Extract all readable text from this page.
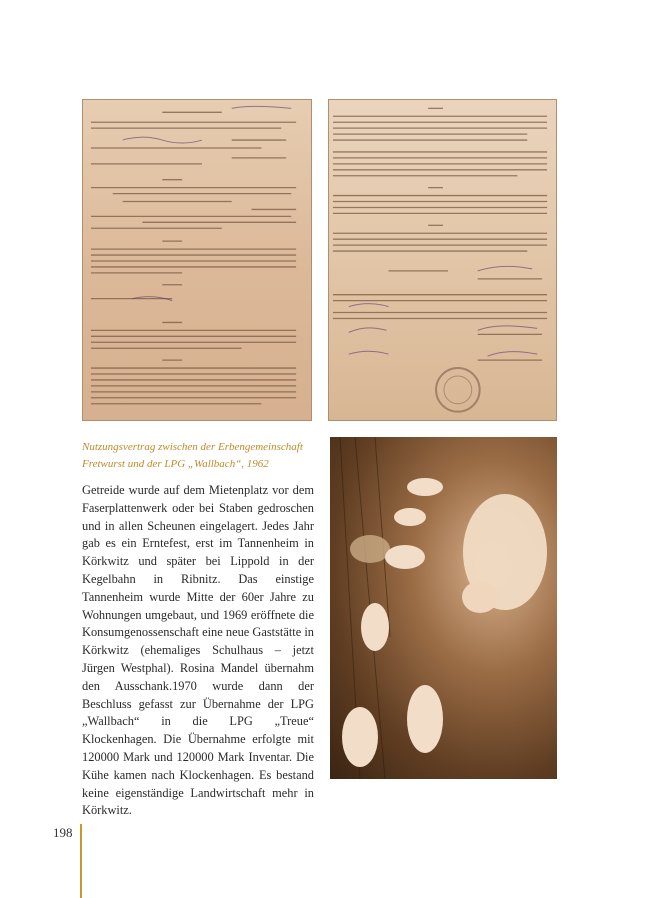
Nutzungsvertrag zwischen der Erbengemeinschaft
Fretwurst und der LPG „Wallbach“, 1962
Getreide wurde auf dem Mietenplatz vor dem Faserplattenwerk oder bei Staben gedroschen und in allen Scheunen eingelagert. Jedes Jahr gab es ein Erntefest, erst im Tannenheim in Körkwitz und später bei Lippold in der Kegelbahn in Ribnitz. Das einstige Tannenheim wurde Mitte der 60er Jahre zu Wohnungen umgebaut, und 1969 eröffnete die Konsumgenossenschaft eine neue Gaststätte in Körkwitz (ehemaliges Schulhaus – jetzt Jürgen Westphal). Rosina Mandel übernahm den Ausschank.1970 wurde dann der Beschluss gefasst zur Übernahme der LPG „Wallbach“ in die LPG „Treue“ Klockenhagen. Die Übernahme erfolgte mit 120000 Mark und 120000 Mark Inventar. Die Kühe kamen nach Klockenhagen. Es bestand keine eigenständige Landwirtschaft mehr in Körkwitz.
198
